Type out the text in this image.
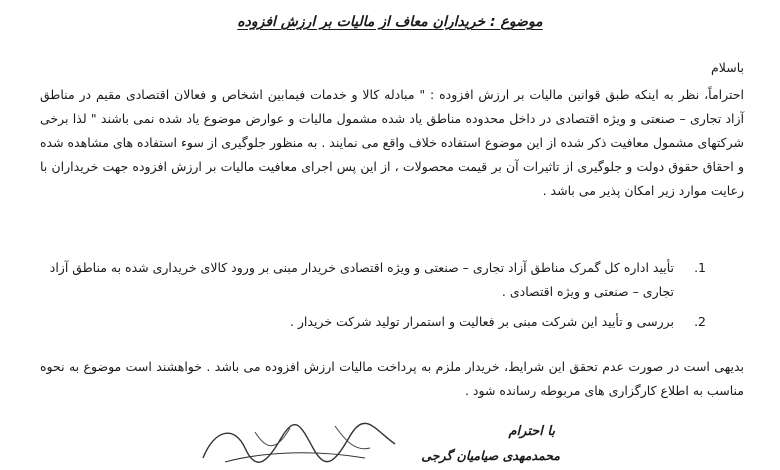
موضوع : خریداران معاف از مالیات بر ارزش افزوده
باسلام
احتراماً، نظر به اینکه طبق قوانین مالیات بر ارزش افزوده : " مبادله کالا و خدمات فیمابین اشخاص و فعالان اقتصادی مقیم در مناطق آزاد تجاری – صنعتی و ویژه اقتصادی در داخل محدوده مناطق یاد شده مشمول مالیات و عوارض موضوع یاد شده نمی باشند " لذا برخی شرکتهای مشمول معافیت ذکر شده از این موضوع استفاده خلاف واقع می نمایند . به منظور جلوگیری از سوء استفاده های مشاهده شده و احقاق حقوق دولت و جلوگیری از تاثیرات آن بر قیمت محصولات ، از این پس اجرای معافیت مالیات بر ارزش افزوده جهت خریداران با رعایت موارد زیر امکان پذیر می باشد .
1.
تأیید اداره کل گمرک مناطق آزاد تجاری – صنعتی و ویژه اقتصادی خریدار مبنی بر ورود کالای خریداری شده به مناطق آزاد تجاری – صنعتی و ویژه اقتصادی .
2.
بررسی و تأیید این شرکت مبنی بر فعالیت و استمرار تولید شرکت خریدار .
بدیهی است در صورت عدم تحقق این شرایط، خریدار ملزم به پرداخت مالیات ارزش افزوده می باشد . خواهشند است موضوع به نحوه مناسب به اطلاع کارگزاری های مربوطه رسانده شود .
با احترام
محمدمهدی صیامیان گرجی
